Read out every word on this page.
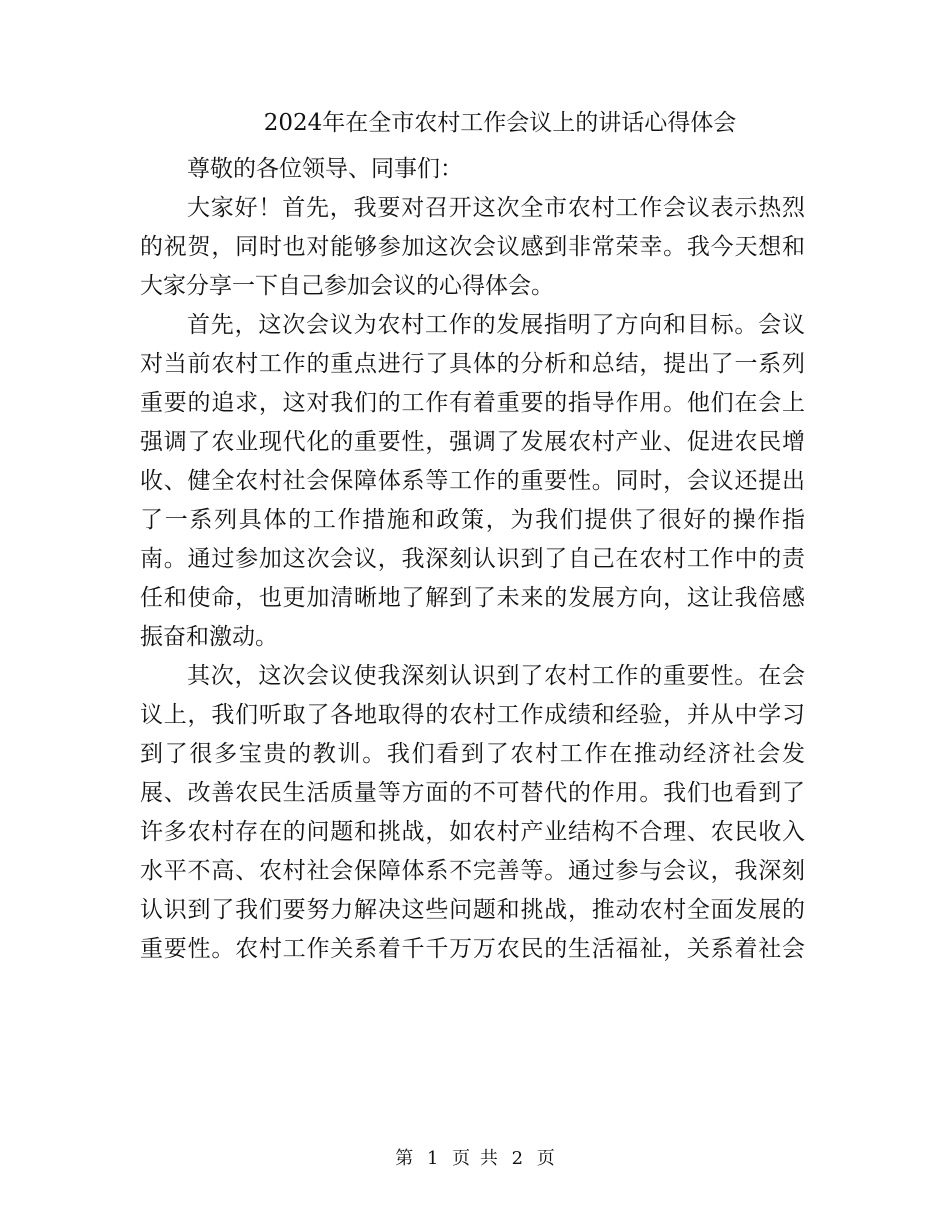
2024年在全市农村工作会议上的讲话心得体会
尊敬的各位领导、同事们：
大家好！首先，我要对召开这次全市农村工作会议表示热烈
的祝贺，同时也对能够参加这次会议感到非常荣幸。我今天想和
大家分享一下自己参加会议的心得体会。
首先，这次会议为农村工作的发展指明了方向和目标。会议
对当前农村工作的重点进行了具体的分析和总结，提出了一系列
重要的追求，这对我们的工作有着重要的指导作用。他们在会上
强调了农业现代化的重要性，强调了发展农村产业、促进农民增
收、健全农村社会保障体系等工作的重要性。同时，会议还提出
了一系列具体的工作措施和政策，为我们提供了很好的操作指
南。通过参加这次会议，我深刻认识到了自己在农村工作中的责
任和使命，也更加清晰地了解到了未来的发展方向，这让我倍感
振奋和激动。
其次，这次会议使我深刻认识到了农村工作的重要性。在会
议上，我们听取了各地取得的农村工作成绩和经验，并从中学习
到了很多宝贵的教训。我们看到了农村工作在推动经济社会发
展、改善农民生活质量等方面的不可替代的作用。我们也看到了
许多农村存在的问题和挑战，如农村产业结构不合理、农民收入
水平不高、农村社会保障体系不完善等。通过参与会议，我深刻
认识到了我们要努力解决这些问题和挑战，推动农村全面发展的
重要性。农村工作关系着千千万万农民的生活福祉，关系着社会
第 1 页 共 2 页
